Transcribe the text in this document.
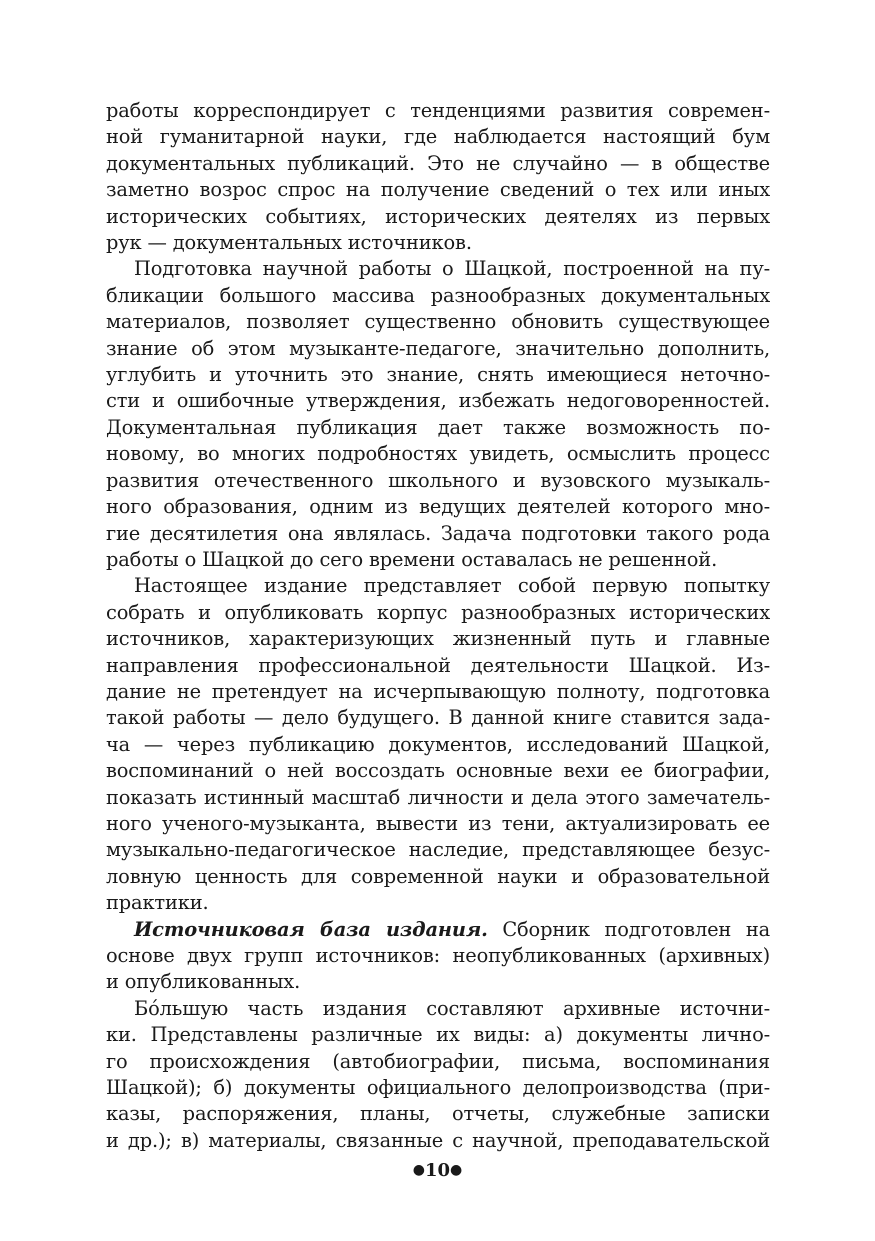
работы корреспондирует с тенденциями развития современ-
ной гуманитарной науки, где наблюдается настоящий бум
документальных публикаций. Это не случайно — в обществе
заметно возрос спрос на получение сведений о тех или иных
исторических событиях, исторических деятелях из первых
рук — документальных источников.
Подготовка научной работы о Шацкой, построенной на пу-
бликации большого массива разнообразных документальных
материалов, позволяет существенно обновить существующее
знание об этом музыканте-педагоге, значительно дополнить,
углубить и уточнить это знание, снять имеющиеся неточно-
сти и ошибочные утверждения, избежать недоговоренностей.
Документальная публикация дает также возможность по-
новому, во многих подробностях увидеть, осмыслить процесс
развития отечественного школьного и вузовского музыкаль-
ного образования, одним из ведущих деятелей которого мно-
гие десятилетия она являлась. Задача подготовки такого рода
работы о Шацкой до сего времени оставалась не решенной.
Настоящее издание представляет собой первую попытку
собрать и опубликовать корпус разнообразных исторических
источников, характеризующих жизненный путь и главные
направления профессиональной деятельности Шацкой. Из-
дание не претендует на исчерпывающую полноту, подготовка
такой работы — дело будущего. В данной книге ставится зада-
ча — через публикацию документов, исследований Шацкой,
воспоминаний о ней воссоздать основные вехи ее биографии,
показать истинный масштаб личности и дела этого замечатель-
ного ученого-музыканта, вывести из тени, актуализировать ее
музыкально-педагогическое наследие, представляющее безус-
ловную ценность для современной науки и образовательной
практики.
Источниковая база издания. Сборник подготовлен на
основе двух групп источников: неопубликованных (архивных)
и опубликованных.
Бóльшую часть издания составляют архивные источни-
ки. Представлены различные их виды: а) документы лично-
го происхождения (автобиографии, письма, воспоминания
Шацкой); б) документы официального делопроизводства (при-
казы, распоряжения, планы, отчеты, служебные записки
и др.); в) материалы, связанные с научной, преподавательской
●10●
